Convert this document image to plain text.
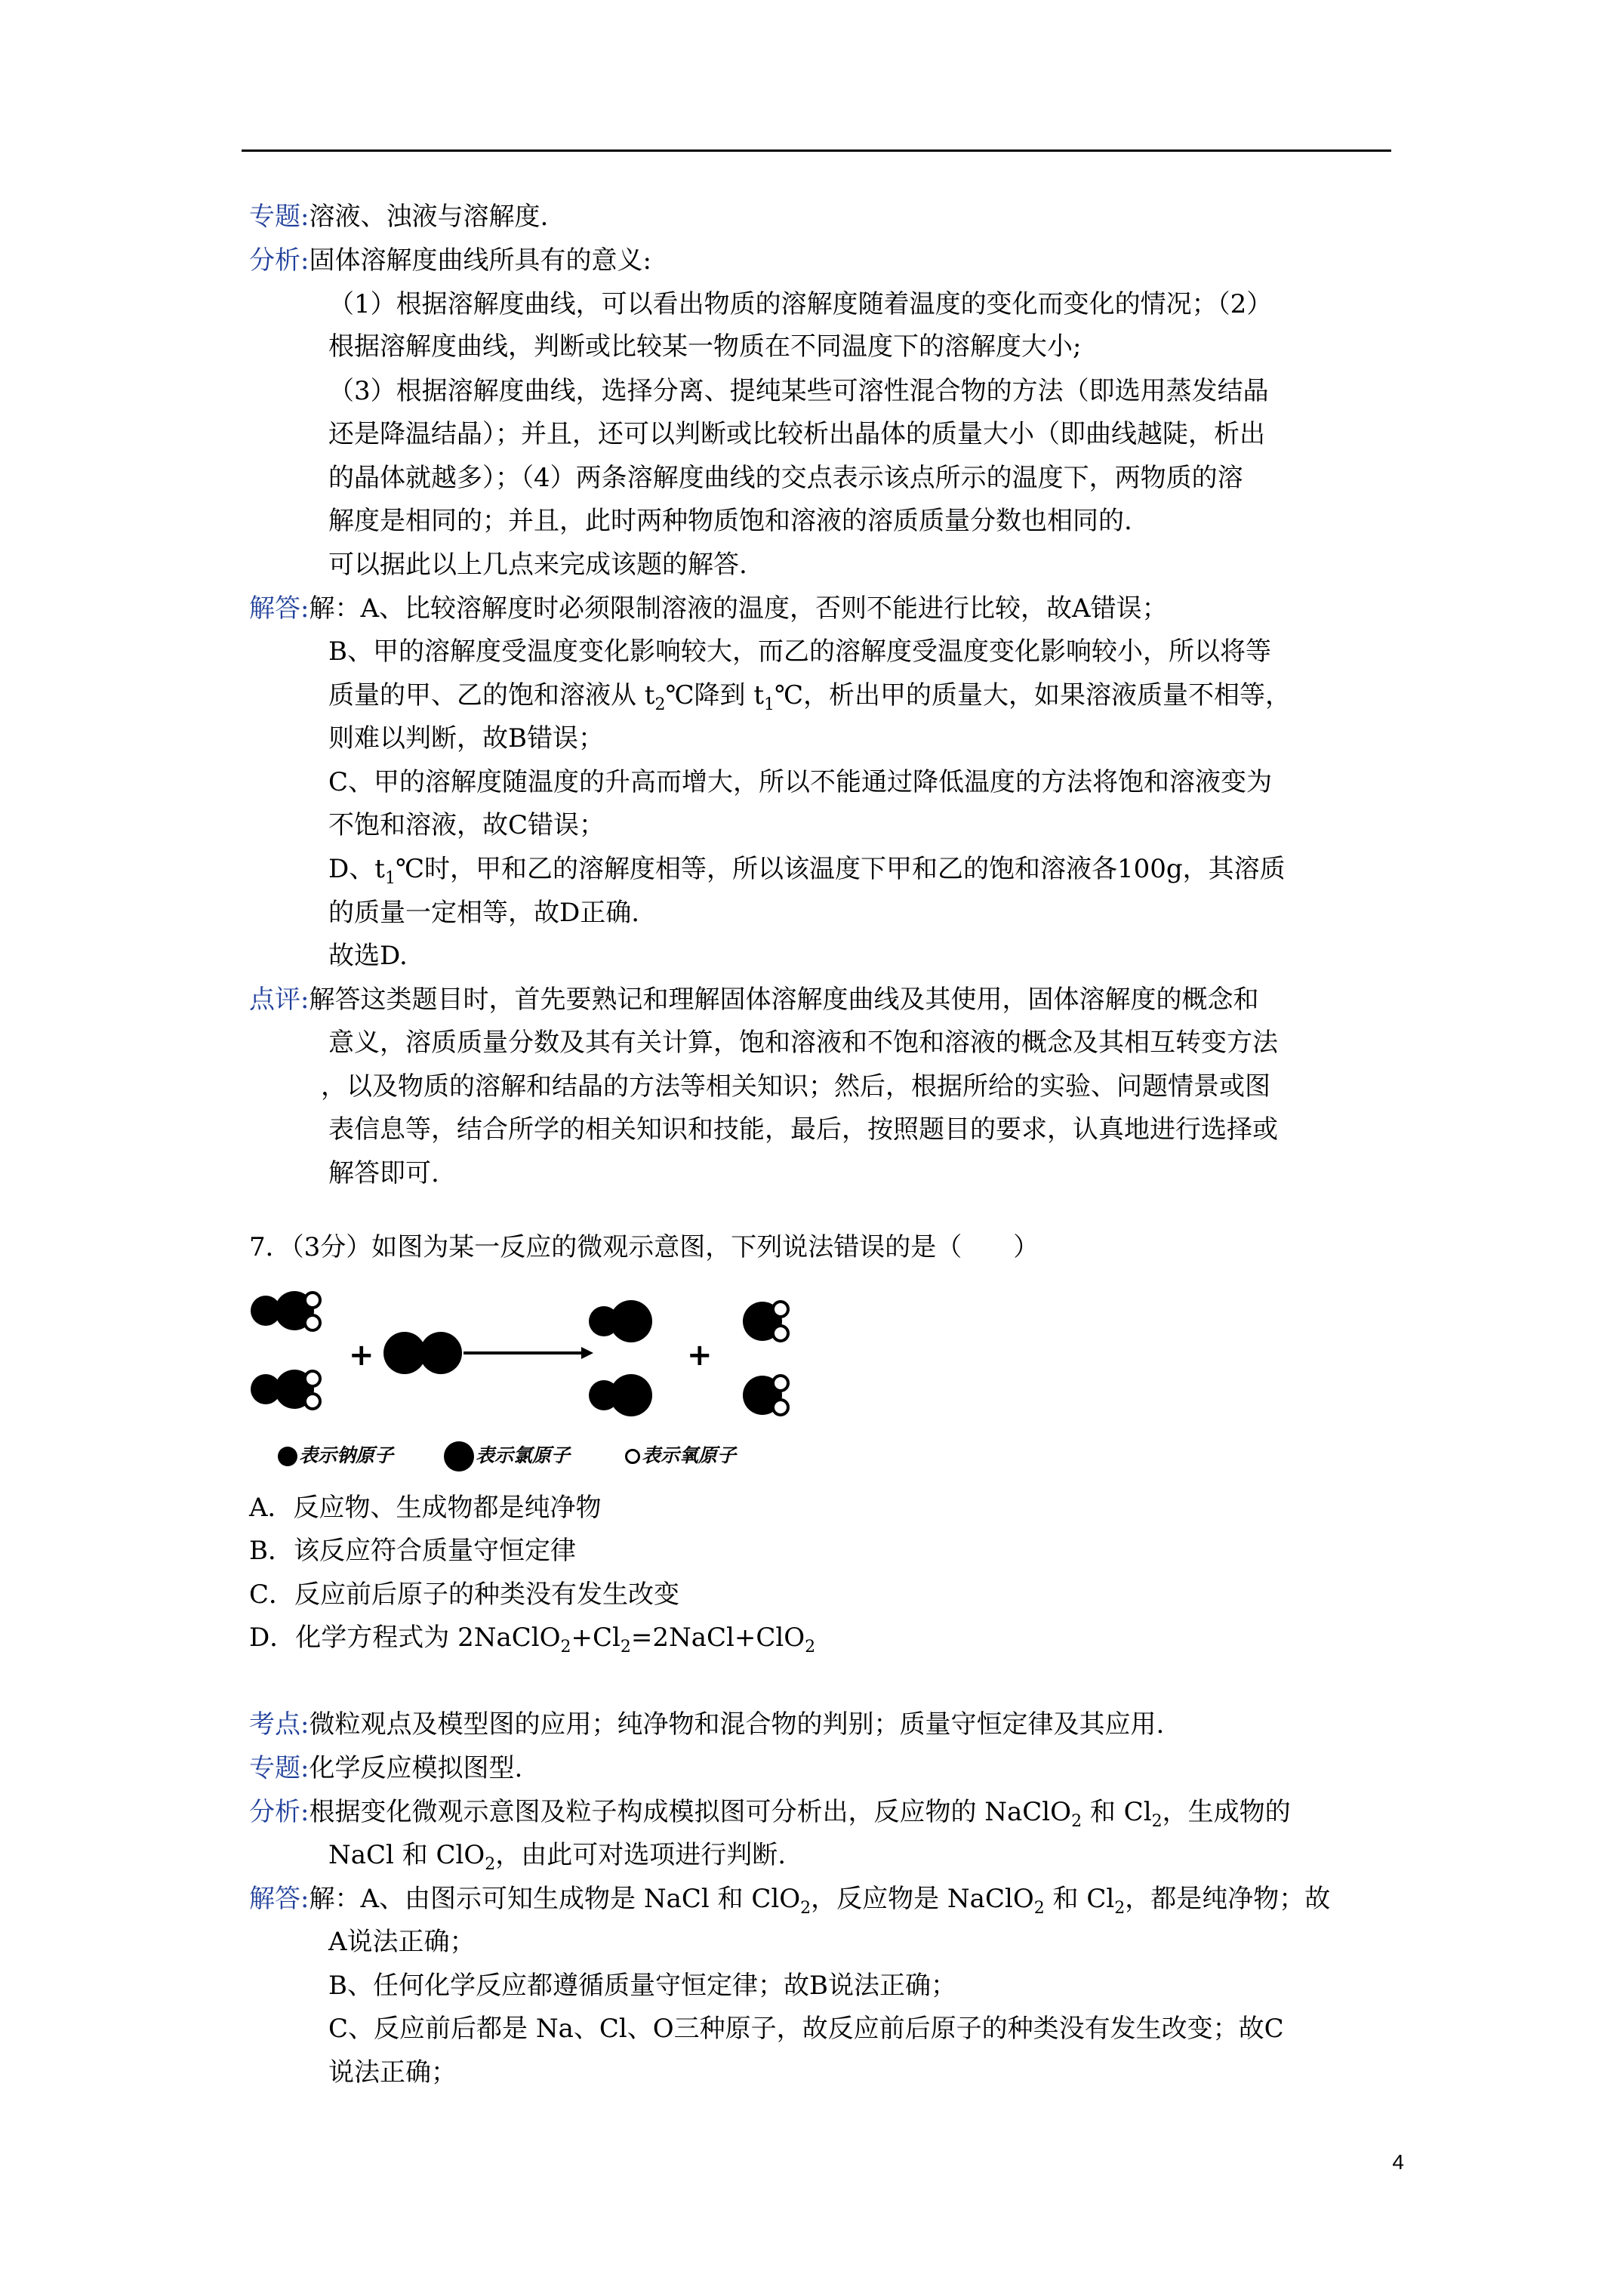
专题:溶液、浊液与溶解度.
分析:固体溶解度曲线所具有的意义:
（1）根据溶解度曲线，可以看出物质的溶解度随着温度的变化而变化的情况；（2）
根据溶解度曲线，判断或比较某一物质在不同温度下的溶解度大小;
（3）根据溶解度曲线，选择分离、提纯某些可溶性混合物的方法（即选用蒸发结晶
还是降温结晶）；并且，还可以判断或比较析出晶体的质量大小（即曲线越陡，析出
的晶体就越多）；（4）两条溶解度曲线的交点表示该点所示的温度下，两物质的溶
解度是相同的；并且，此时两种物质饱和溶液的溶质质量分数也相同的.
可以据此以上几点来完成该题的解答.
解答:解：A、比较溶解度时必须限制溶液的温度，否则不能进行比较，故A错误；
B、甲的溶解度受温度变化影响较大，而乙的溶解度受温度变化影响较小，所以将等
质量的甲、乙的饱和溶液从 $t_2℃$降到 $t_1℃$，析出甲的质量大，如果溶液质量不相等，
则难以判断，故B错误；
C、甲的溶解度随温度的升高而增大，所以不能通过降低温度的方法将饱和溶液变为
不饱和溶液，故C错误；
D、$t_1℃$时，甲和乙的溶解度相等，所以该温度下甲和乙的饱和溶液各100g，其溶质
的质量一定相等，故D正确.
故选D.
点评:解答这类题目时，首先要熟记和理解固体溶解度曲线及其使用，固体溶解度的概念和
意义，溶质质量分数及其有关计算，饱和溶液和不饱和溶液的概念及其相互转变方法
，以及物质的溶解和结晶的方法等相关知识；然后，根据所给的实验、问题情景或图
表信息等，结合所学的相关知识和技能，最后，按照题目的要求，认真地进行选择或
解答即可.
7．（3分）如图为某一反应的微观示意图，下列说法错误的是（　　）
+	+
表示钠原子	表示氯原子	表示氧原子
A．反应物、生成物都是纯净物
B．该反应符合质量守恒定律
C．反应前后原子的种类没有发生改变
D．化学方程式为 $2NaClO_2+Cl_2=2NaCl+ClO_2$
考点:微粒观点及模型图的应用；纯净物和混合物的判别；质量守恒定律及其应用.
专题:化学反应模拟图型.
分析:根据变化微观示意图及粒子构成模拟图可分析出，反应物的 NaClO$_2$ 和 $Cl_2$，生成物的
NaCl 和 ClO$_2$，由此可对选项进行判断.
解答:解：A、由图示可知生成物是 NaCl 和 ClO$_2$，反应物是 NaClO$_2$ 和 $Cl_2$，都是纯净物；故
A说法正确；
B、任何化学反应都遵循质量守恒定律；故B说法正确；
C、反应前后都是 Na、Cl、O三种原子，故反应前后原子的种类没有发生改变；故C
说法正确；
4
